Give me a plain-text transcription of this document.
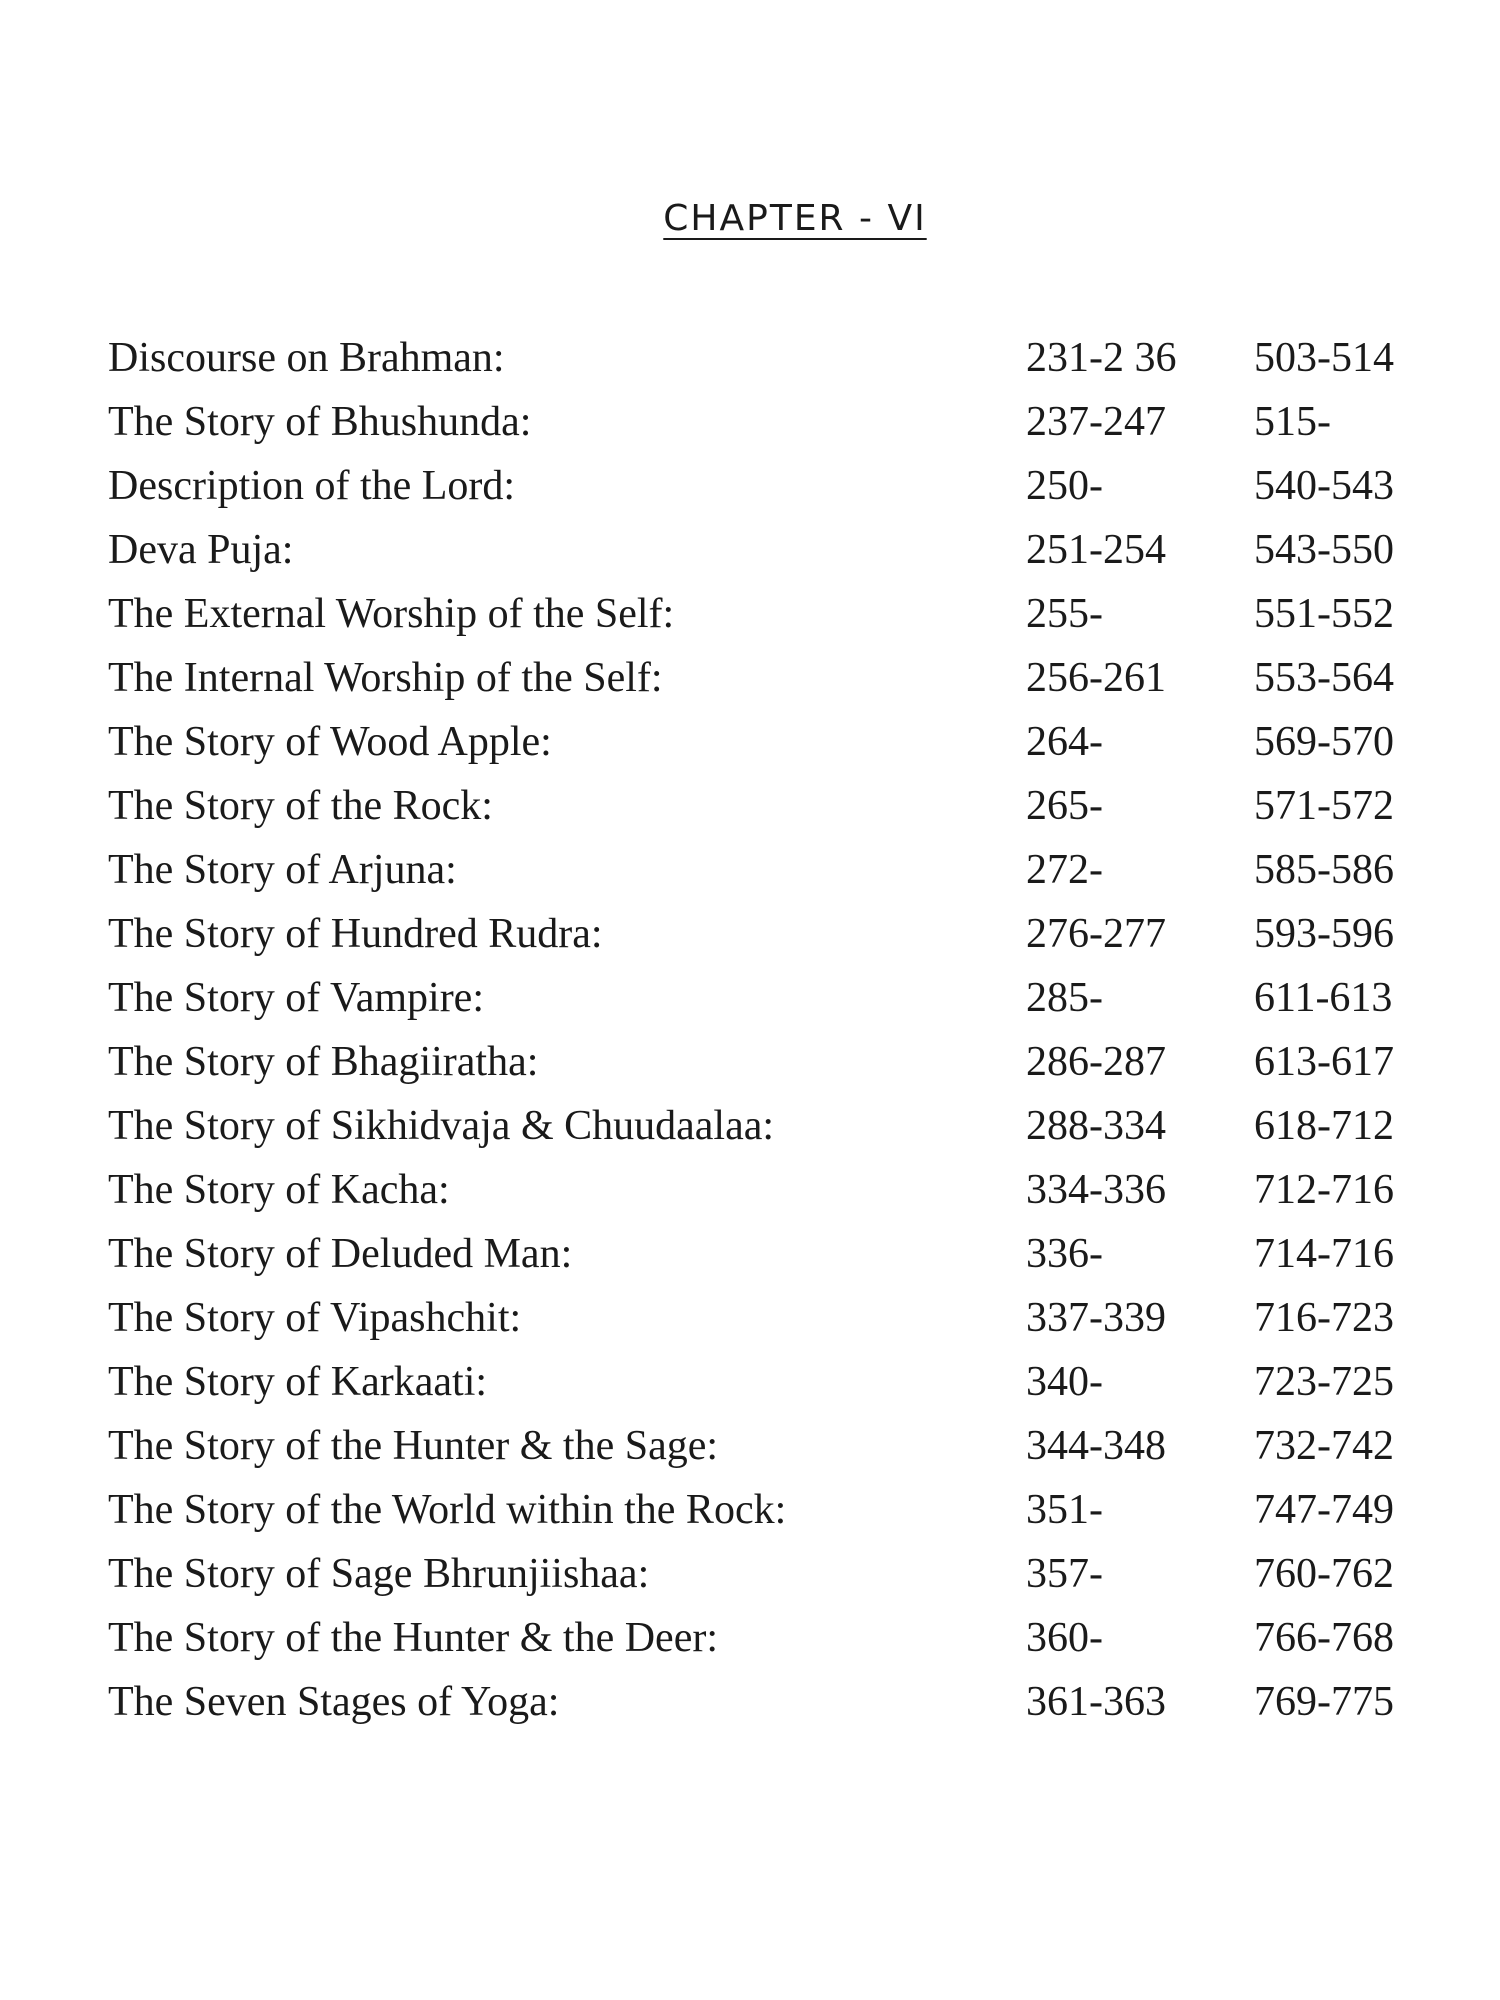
CHAPTER - VI
Discourse on Brahman:	231-2 36 503-514
The Story of Bhushunda:	237-247 515-
Description of the Lord:	250-	540-543
Deva Puja:	251-254 543-550
The External Worship of the Self:	255-	551-552
The Internal Worship of the Self:	256-261 553-564
The Story of Wood Apple:	264-	569-570
The Story of the Rock:	265-	571-572
The Story of Arjuna:	272-	585-586
The Story of Hundred Rudra:	276-277 593-596
The Story of Vampire:	285-	611-613
The Story of Bhagiiratha:	286-287 613-617
The Story of Sikhidvaja & Chuudaalaa:	288-334 618-712
The Story of Kacha:	334-336 712-716
The Story of Deluded Man:	336-	714-716
The Story of Vipashchit:	337-339 716-723
The Story of Karkaati:	340-	723-725
The Story of the Hunter & the Sage:	344-348 732-742
The Story of the World within the Rock:	351-	747-749
The Story of Sage Bhrunjiishaa:	357-	760-762
The Story of the Hunter & the Deer:	360-	766-768
The Seven Stages of Yoga:	361-363 769-775
